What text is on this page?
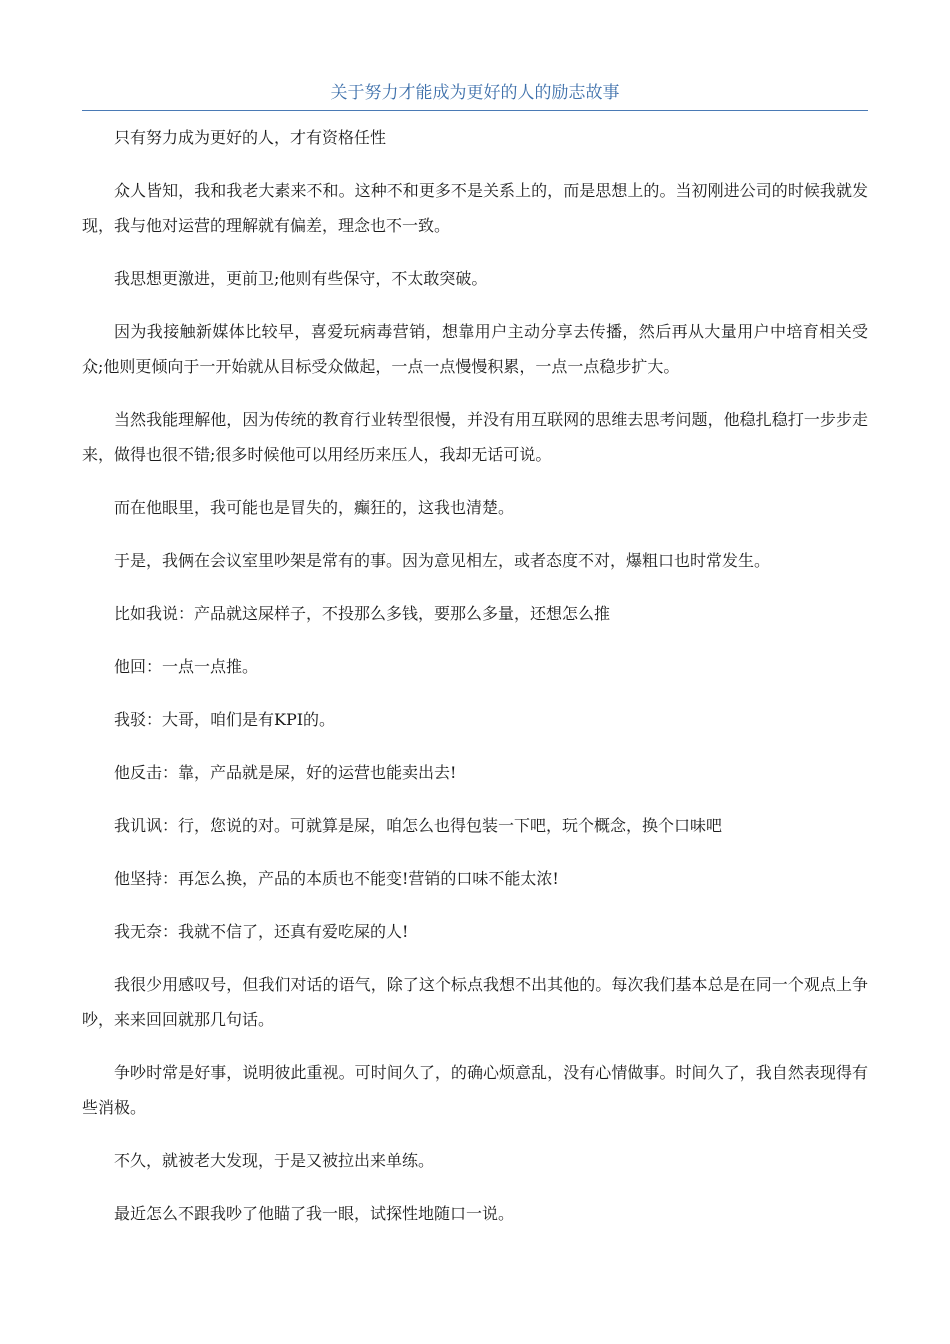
关于努力才能成为更好的人的励志故事

只有努力成为更好的人，才有资格任性

众人皆知，我和我老大素来不和。这种不和更多不是关系上的，而是思想上的。当初刚进公司的时候我就发现，我与他对运营的理解就有偏差，理念也不一致。

我思想更激进，更前卫;他则有些保守，不太敢突破。

因为我接触新媒体比较早，喜爱玩病毒营销，想靠用户主动分享去传播，然后再从大量用户中培育相关受众;他则更倾向于一开始就从目标受众做起，一点一点慢慢积累，一点一点稳步扩大。

当然我能理解他，因为传统的教育行业转型很慢，并没有用互联网的思维去思考问题，他稳扎稳打一步步走来，做得也很不错;很多时候他可以用经历来压人，我却无话可说。

而在他眼里，我可能也是冒失的，癫狂的，这我也清楚。

于是，我俩在会议室里吵架是常有的事。因为意见相左，或者态度不对，爆粗口也时常发生。

比如我说：产品就这屎样子，不投那么多钱，要那么多量，还想怎么推

他回：一点一点推。

我驳：大哥，咱们是有KPI的。

他反击：靠，产品就是屎，好的运营也能卖出去!

我讥讽：行，您说的对。可就算是屎，咱怎么也得包装一下吧，玩个概念，换个口味吧

他坚持：再怎么换，产品的本质也不能变!营销的口味不能太浓!

我无奈：我就不信了，还真有爱吃屎的人!

我很少用感叹号，但我们对话的语气，除了这个标点我想不出其他的。每次我们基本总是在同一个观点上争吵，来来回回就那几句话。

争吵时常是好事，说明彼此重视。可时间久了，的确心烦意乱，没有心情做事。时间久了，我自然表现得有些消极。

不久，就被老大发现，于是又被拉出来单练。

最近怎么不跟我吵了他瞄了我一眼，试探性地随口一说。
